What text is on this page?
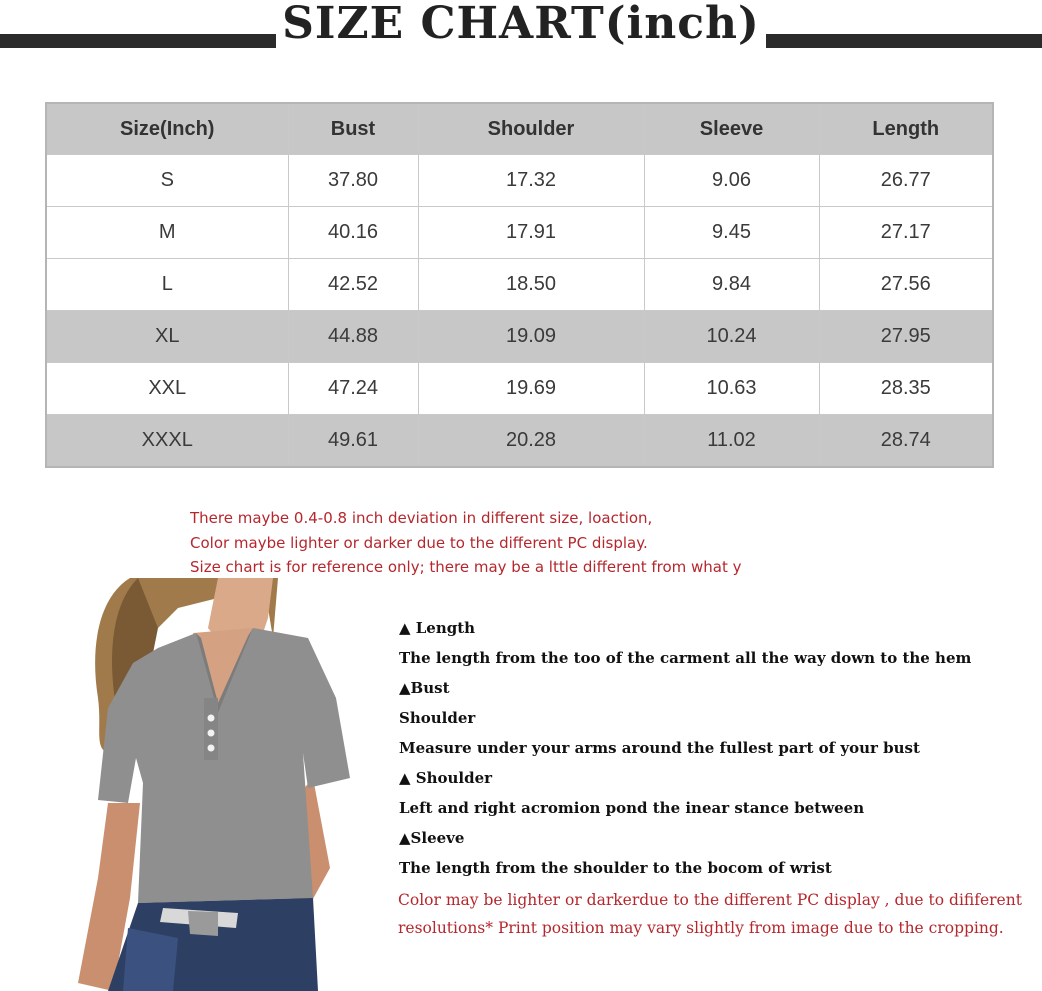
SIZE CHART(inch)
Size(Inch)	Bust	Shoulder	Sleeve	Length
S	37.80	17.32	9.06	26.77
M	40.16	17.91	9.45	27.17
L	42.52	18.50	9.84	27.56
XL	44.88	19.09	10.24	27.95
XXL	47.24	19.69	10.63	28.35
XXXL	49.61	20.28	11.02	28.74
There maybe 0.4-0.8 inch deviation in different size, loaction,
Color maybe lighter or darker due to the different PC display.
Size chart is for reference only; there may be a lttle different from what y
▲ Length
The length from the too of the carment all the way down to the hem
▲Bust
Shoulder
Measure under your arms around the fullest part of your bust
▲ Shoulder
Left and right acromion pond the inear stance between
▲Sleeve
The length from the shoulder to the bocom of wrist
Color may be lighter or darkerdue to the different PC display , due to dififerent
resolutions* Print position may vary slightly from image due to the cropping.
